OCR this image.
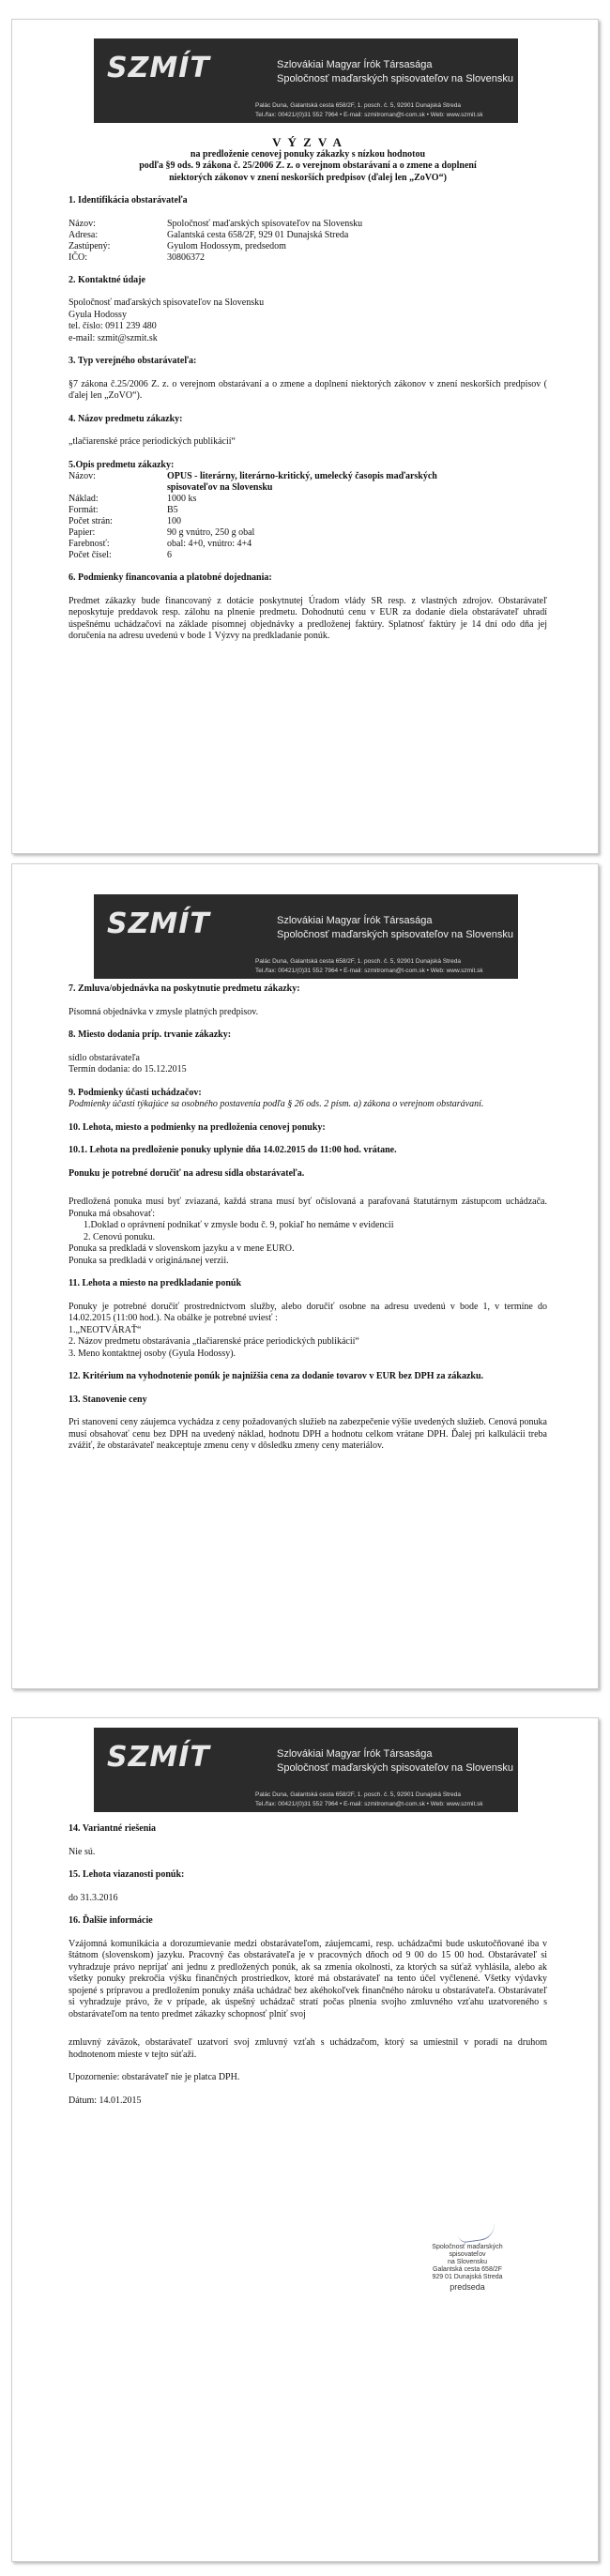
SZMÍT	Szlovákiai Magyar Írók Társasága
Spoločnosť maďarských spisovateľov na Slovensku
Palác Duna, Galantská cesta 658/2F, 1. posch. č. 5, 92901 Dunajská Streda
Tel./fax: 00421/(0)31 552 7964 • E-mail: szmitroman@t-com.sk • Web: www.szmit.sk

V Ý Z V A

na predloženie cenovej ponuky zákazky s nízkou hodnotou

podľa §9 ods. 9 zákona č. 25/2006 Z. z. o verejnom obstarávaní a o zmene a doplnení

niektorých zákonov v znení neskorších predpisov (ďalej len „ZoVO“)

1. Identifikácia obstarávateľa

Názov:	Spoločnosť maďarských spisovateľov na Slovensku
Adresa:	Galantská cesta 658/2F, 929 01 Dunajská Streda
Zastúpený:	Gyulom Hodossym, predsedom
IČO:	30806372

2. Kontaktné údaje

Spoločnosť maďarských spisovateľov na Slovensku

Gyula Hodossy

tel. číslo: 0911 239 480

e-mail: szmit@szmit.sk

3. Typ verejného obstarávateľa:

§7 zákona č.25/2006 Z. z. o verejnom obstarávaní a o zmene a doplnení niektorých zákonov v znení neskorších predpisov ( ďalej len „ZoVO“).

4. Názov predmetu zákazky:

„tlačiarenské práce periodických publikácií“

5.Opis predmetu zákazky:

Názov:	OPUS - literárny, literárno-kritický, umelecký časopis maďarských spisovateľov na Slovensku
Náklad:	1000 ks
Formát:	B5
Počet strán:	100
Papier:	90 g vnútro, 250 g obal
Farebnosť:	obal: 4+0, vnútro: 4+4
Počet čísel:	6

6. Podmienky financovania a platobné dojednania:

Predmet zákazky bude financovaný z dotácie poskytnutej Úradom vlády SR resp. z vlastných zdrojov. Obstarávateľ neposkytuje preddavok resp. zálohu na plnenie predmetu. Dohodnutú cenu v EUR za dodanie diela obstarávateľ uhradí úspešnému uchádzačovi na základe písomnej objednávky a predloženej faktúry. Splatnosť faktúry je 14 dní odo dňa jej doručenia na adresu uvedenú v bode 1 Výzvy na predkladanie ponúk.

SZMÍT	Szlovákiai Magyar Írók Társasága
Spoločnosť maďarských spisovateľov na Slovensku
Palác Duna, Galantská cesta 658/2F, 1. posch. č. 5, 92901 Dunajská Streda
Tel./fax: 00421/(0)31 552 7964 • E-mail: szmitroman@t-com.sk • Web: www.szmit.sk

7. Zmluva/objednávka na poskytnutie predmetu zákazky:

Písomná objednávka v zmysle platných predpisov.

8. Miesto dodania príp. trvanie zákazky:

sídlo obstarávateľa

Termín dodania: do 15.12.2015

9. Podmienky účasti uchádzačov:

Podmienky účasti týkajúce sa osobného postavenia podľa § 26 ods. 2 písm. a) zákona o verejnom obstarávaní.

10. Lehota, miesto a podmienky na predloženia cenovej ponuky:

10.1. Lehota na predloženie ponuky uplynie dňa 14.02.2015 do 11:00 hod. vrátane.

Ponuku je potrebné doručiť na adresu sídla obstarávateľa.

Predložená ponuka musí byť zviazaná, každá strana musí byť očíslovaná a parafovaná štatutárnym zástupcom uchádzača. Ponuka má obsahovať:

1.Doklad o oprávnení podnikať v zmysle bodu č. 9, pokiaľ ho nemáme v evidencii

2. Cenovú ponuku.

Ponuka sa predkladá v slovenskom jazyku a v mene EURO.

Ponuka sa predkladá v origináльnej verzii.

11. Lehota a miesto na predkladanie ponúk

Ponuky je potrebné doručiť prostredníctvom služby, alebo doručiť osobne na adresu uvedenú v bode 1, v termíne do 14.02.2015 (11:00 hod.). Na obálke je potrebné uviesť :

1.„NEOTVÁRAŤ“

2. Názov predmetu obstarávania „tlačiarenské práce periodických publikácií“

3. Meno kontaktnej osoby (Gyula Hodossy).

12. Kritérium na vyhodnotenie ponúk je najnižšia cena za dodanie tovarov v EUR bez DPH za zákazku.

13. Stanovenie ceny

Pri stanovení ceny záujemca vychádza z ceny požadovaných služieb na zabezpečenie výšie uvedených služieb. Cenová ponuka musí obsahovať cenu bez DPH na uvedený náklad, hodnotu DPH a hodnotu celkom vrátane DPH. Ďalej pri kalkulácii treba zvážiť, že obstarávateľ neakceptuje zmenu ceny v dôsledku zmeny ceny materiálov.

SZMÍT	Szlovákiai Magyar Írók Társasága
Spoločnosť maďarských spisovateľov na Slovensku
Palác Duna, Galantská cesta 658/2F, 1. posch. č. 5, 92901 Dunajská Streda
Tel./fax: 00421/(0)31 552 7964 • E-mail: szmitroman@t-com.sk • Web: www.szmit.sk

14. Variantné riešenia

Nie sú.

15. Lehota viazanosti ponúk:

do 31.3.2016

16. Ďalšie informácie

Vzájomná komunikácia a dorozumievanie medzi obstarávateľom, záujemcami, resp. uchádzačmi bude uskutočňované iba v štátnom (slovenskom) jazyku. Pracovný čas obstarávateľa je v pracovných dňoch od 9 00 do 15 00 hod. Obstarávateľ si vyhradzuje právo neprijať ani jednu z predložených ponúk, ak sa zmenia okolnosti, za ktorých sa súťaž vyhlásila, alebo ak všetky ponuky prekročia výšku finančných prostriedkov, ktoré má obstarávateľ na tento účel vyčlenené. Všetky výdavky spojené s prípravou a predložením ponuky znáša uchádzač bez akéhokoľvek finančného nároku u obstarávateľa. Obstarávateľ si vyhradzuje právo, že v prípade, ak úspešný uchádzač stratí počas plnenia svojho zmluvného vzťahu uzatvoreného s obstarávateľom na tento predmet zákazky schopnosť plniť svoj

zmluvný záväzok, obstarávateľ uzatvorí svoj zmluvný vzťah s uchádzačom, ktorý sa umiestnil v poradí na druhom hodnotenom mieste v tejto súťaži.

Upozornenie: obstarávateľ nie je platca DPH.

Dátum: 14.01.2015

Spoločnosť maďarských spisovateľov
na Slovensku
Galantská cesta 658/2F
929 01 Dunajská Streda
predseda
